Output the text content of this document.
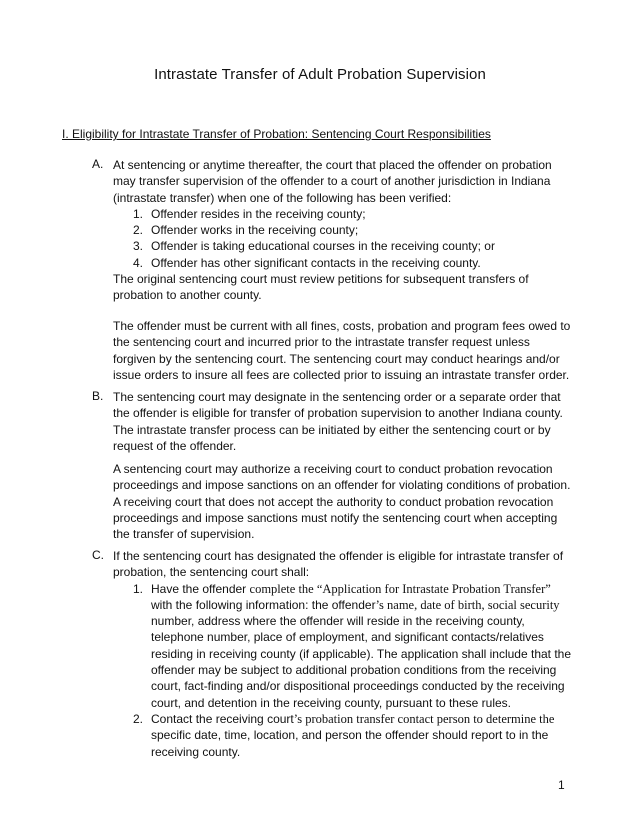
Intrastate Transfer of Adult Probation Supervision
I. Eligibility for Intrastate Transfer of Probation: Sentencing Court Responsibilities
A. At sentencing or anytime thereafter, the court that placed the offender on probation may transfer supervision of the offender to a court of another jurisdiction in Indiana (intrastate transfer) when one of the following has been verified:

1. Offender resides in the receiving county;
2. Offender works in the receiving county;
3. Offender is taking educational courses in the receiving county; or
4. Offender has other significant contacts in the receiving county.
The original sentencing court must review petitions for subsequent transfers of probation to another county.
The offender must be current with all fines, costs, probation and program fees owed to the sentencing court and incurred prior to the intrastate transfer request unless forgiven by the sentencing court. The sentencing court may conduct hearings and/or issue orders to insure all fees are collected prior to issuing an intrastate transfer order.
B. The sentencing court may designate in the sentencing order or a separate order that the offender is eligible for transfer of probation supervision to another Indiana county. The intrastate transfer process can be initiated by either the sentencing court or by request of the offender.
A sentencing court may authorize a receiving court to conduct probation revocation proceedings and impose sanctions on an offender for violating conditions of probation. A receiving court that does not accept the authority to conduct probation revocation proceedings and impose sanctions must notify the sentencing court when accepting the transfer of supervision.
C. If the sentencing court has designated the offender is eligible for intrastate transfer of probation, the sentencing court shall:

1. Have the offender complete the “Application for Intrastate Probation Transfer” with the following information: the offender’s name, date of birth, social security number, address where the offender will reside in the receiving county, telephone number, place of employment, and significant contacts/relatives residing in receiving county (if applicable). The application shall include that the offender may be subject to additional probation conditions from the receiving court, fact-finding and/or dispositional proceedings conducted by the receiving court, and detention in the receiving county, pursuant to these rules.
2. Contact the receiving court’s probation transfer contact person to determine the specific date, time, location, and person the offender should report to in the receiving county.
1
